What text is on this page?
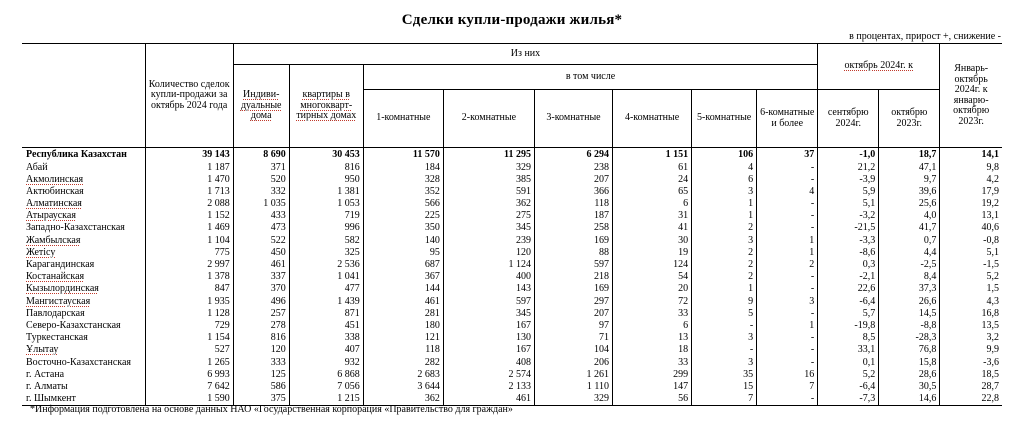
Сделки купли-продажи жилья*
в процентах, прирост +, снижение -
	Количество сделок купли-продажи за октябрь 2024 года	Из них								октябрь 2024г. к		Январь-октябрь 2024г. к январю-октябрю 2023г.
		Индиви-дуальные дома	квартиры в многокварт-тирных домах	в том числе								
				1-комнатные	2-комнатные	3-комнатные	4-комнатные	5-комнатные	6-комнатные и более	сентябрю 2024г.	октябрю 2023г.	
Республика Казахстан	39 143	8 690	30 453	11 570	11 295	6 294	1 151	106	37	-1,0	18,7	14,1
Абай	1 187	371	816	184	329	238	61	4	-	21,2	47,1	9,8
Акмолинская	1 470	520	950	328	385	207	24	6	-	-3,9	9,7	4,2
Актюбинская	1 713	332	1 381	352	591	366	65	3	4	5,9	39,6	17,9
Алматинская	2 088	1 035	1 053	566	362	118	6	1	-	5,1	25,6	19,2
Атырауская	1 152	433	719	225	275	187	31	1	-	-3,2	4,0	13,1
Западно-Казахстанская	1 469	473	996	350	345	258	41	2	-	-21,5	41,7	40,6
Жамбылская	1 104	522	582	140	239	169	30	3	1	-3,3	0,7	-0,8
Жетісу	775	450	325	95	120	88	19	2	1	-8,6	4,4	5,1
Карагандинская	2 997	461	2 536	687	1 124	597	124	2	2	0,3	-2,5	-1,5
Костанайская	1 378	337	1 041	367	400	218	54	2	-	-2,1	8,4	5,2
Кызылординская	847	370	477	144	143	169	20	1	-	22,6	37,3	1,5
Мангистауская	1 935	496	1 439	461	597	297	72	9	3	-6,4	26,6	4,3
Павлодарская	1 128	257	871	281	345	207	33	5	-	5,7	14,5	16,8
Северо-Казахстанская	729	278	451	180	167	97	6	-	1	-19,8	-8,8	13,5
Туркестанская	1 154	816	338	121	130	71	13	3	-	8,5	-28,3	3,2
Ұлытау	527	120	407	118	167	104	18	-	-	33,1	76,8	9,9
Восточно-Казахстанская	1 265	333	932	282	408	206	33	3	-	0,1	15,8	-3,6
г. Астана	6 993	125	6 868	2 683	2 574	1 261	299	35	16	5,2	28,6	18,5
г. Алматы	7 642	586	7 056	3 644	2 133	1 110	147	15	7	-6,4	30,5	28,7
г. Шымкент	1 590	375	1 215	362	461	329	56	7	-	-7,3	14,6	22,8
*Информация подготовлена на основе данных НАО «Государственная корпорация «Правительство для граждан»
